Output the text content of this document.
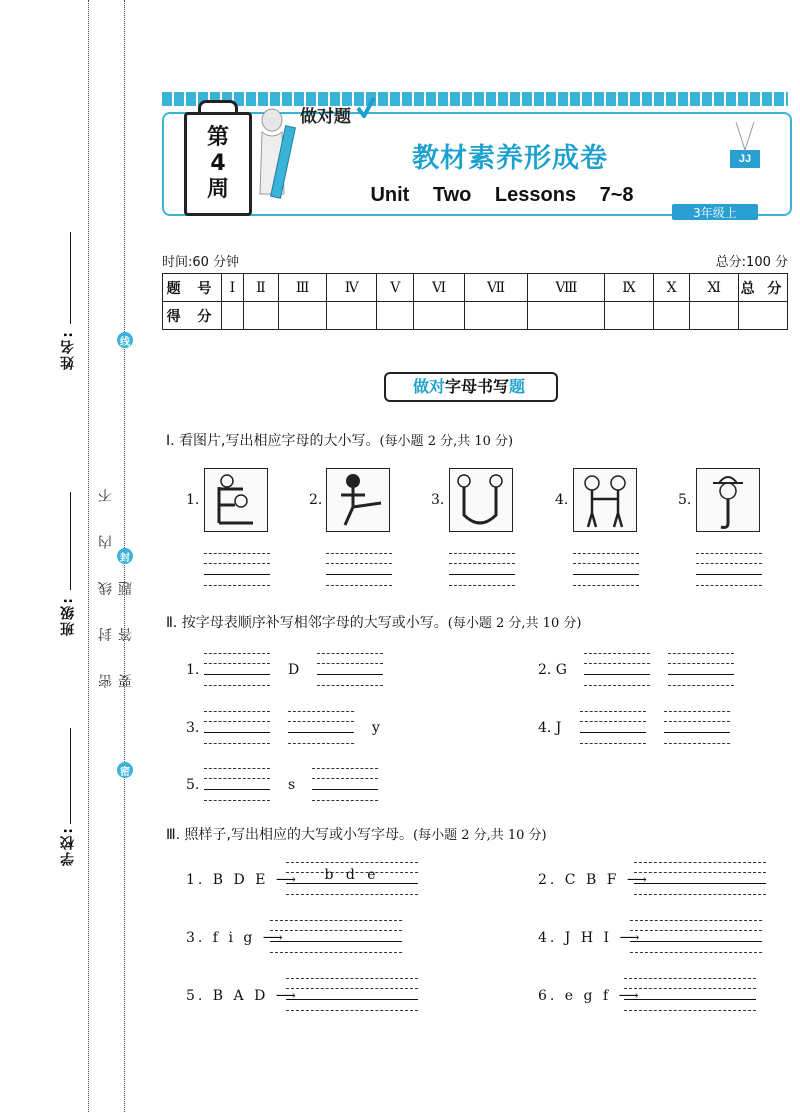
姓名:
班级:
学校:
密 封 线 内 不 要 答 题
线
封
密
第
4
周
做对题
教材素养形成卷
Unit Two Lessons 7~8
JJ
3年级上
时间:60 分钟	总分:100 分
题 号	Ⅰ	Ⅱ	Ⅲ	Ⅳ	Ⅴ	Ⅵ	Ⅶ	Ⅷ	Ⅸ	Ⅹ	Ⅺ	总 分
得 分												
做对字母书写题
Ⅰ. 看图片,写出相应字母的大小写。(每小题 2 分,共 10 分)
1.	2.	3.	4.	5.
Ⅱ. 按字母表顺序补写相邻字母的大写或小写。(每小题 2 分,共 10 分)
1.	D	2. G
3.	y	4. J
5.	s
Ⅲ. 照样子,写出相应的大写或小写字母。(每小题 2 分,共 10 分)
1. B D E ⟶	b d e	2. C B F ⟶
3. f i g ⟶	4. J H I ⟶
5. B A D ⟶	6. e g f ⟶
